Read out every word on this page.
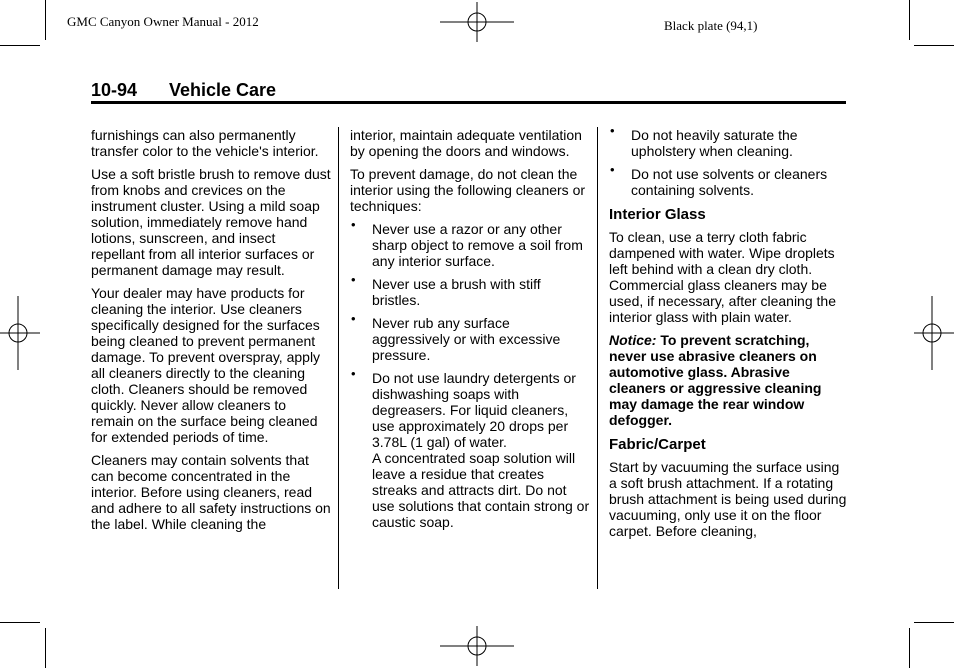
GMC Canyon Owner Manual - 2012	Black plate (94,1)
10-94 Vehicle Care

furnishings can also permanently transfer color to the vehicle's interior.

Use a soft bristle brush to remove dust from knobs and crevices on the instrument cluster. Using a mild soap solution, immediately remove hand lotions, sunscreen, and insect repellant from all interior surfaces or permanent damage may result.

Your dealer may have products for cleaning the interior. Use cleaners specifically designed for the surfaces being cleaned to prevent permanent damage. To prevent overspray, apply all cleaners directly to the cleaning cloth. Cleaners should be removed quickly. Never allow cleaners to remain on the surface being cleaned for extended periods of time.

Cleaners may contain solvents that can become concentrated in the interior. Before using cleaners, read and adhere to all safety instructions on the label. While cleaning the

interior, maintain adequate ventilation by opening the doors and windows.

To prevent damage, do not clean the interior using the following cleaners or techniques:

• Never use a razor or any other sharp object to remove a soil from any interior surface.
• Never use a brush with stiff bristles.
• Never rub any surface aggressively or with excessive pressure.
• Do not use laundry detergents or dishwashing soaps with degreasers. For liquid cleaners, use approximately 20 drops per 3.78L (1 gal) of water.
A concentrated soap solution will leave a residue that creates streaks and attracts dirt. Do not use solutions that contain strong or caustic soap.
• Do not heavily saturate the upholstery when cleaning.
• Do not use solvents or cleaners containing solvents.
Interior Glass

To clean, use a terry cloth fabric dampened with water. Wipe droplets left behind with a clean dry cloth. Commercial glass cleaners may be used, if necessary, after cleaning the interior glass with plain water.

Notice: To prevent scratching, never use abrasive cleaners on automotive glass. Abrasive cleaners or aggressive cleaning may damage the rear window defogger.

Fabric/Carpet

Start by vacuuming the surface using a soft brush attachment. If a rotating brush attachment is being used during vacuuming, only use it on the floor carpet. Before cleaning,
